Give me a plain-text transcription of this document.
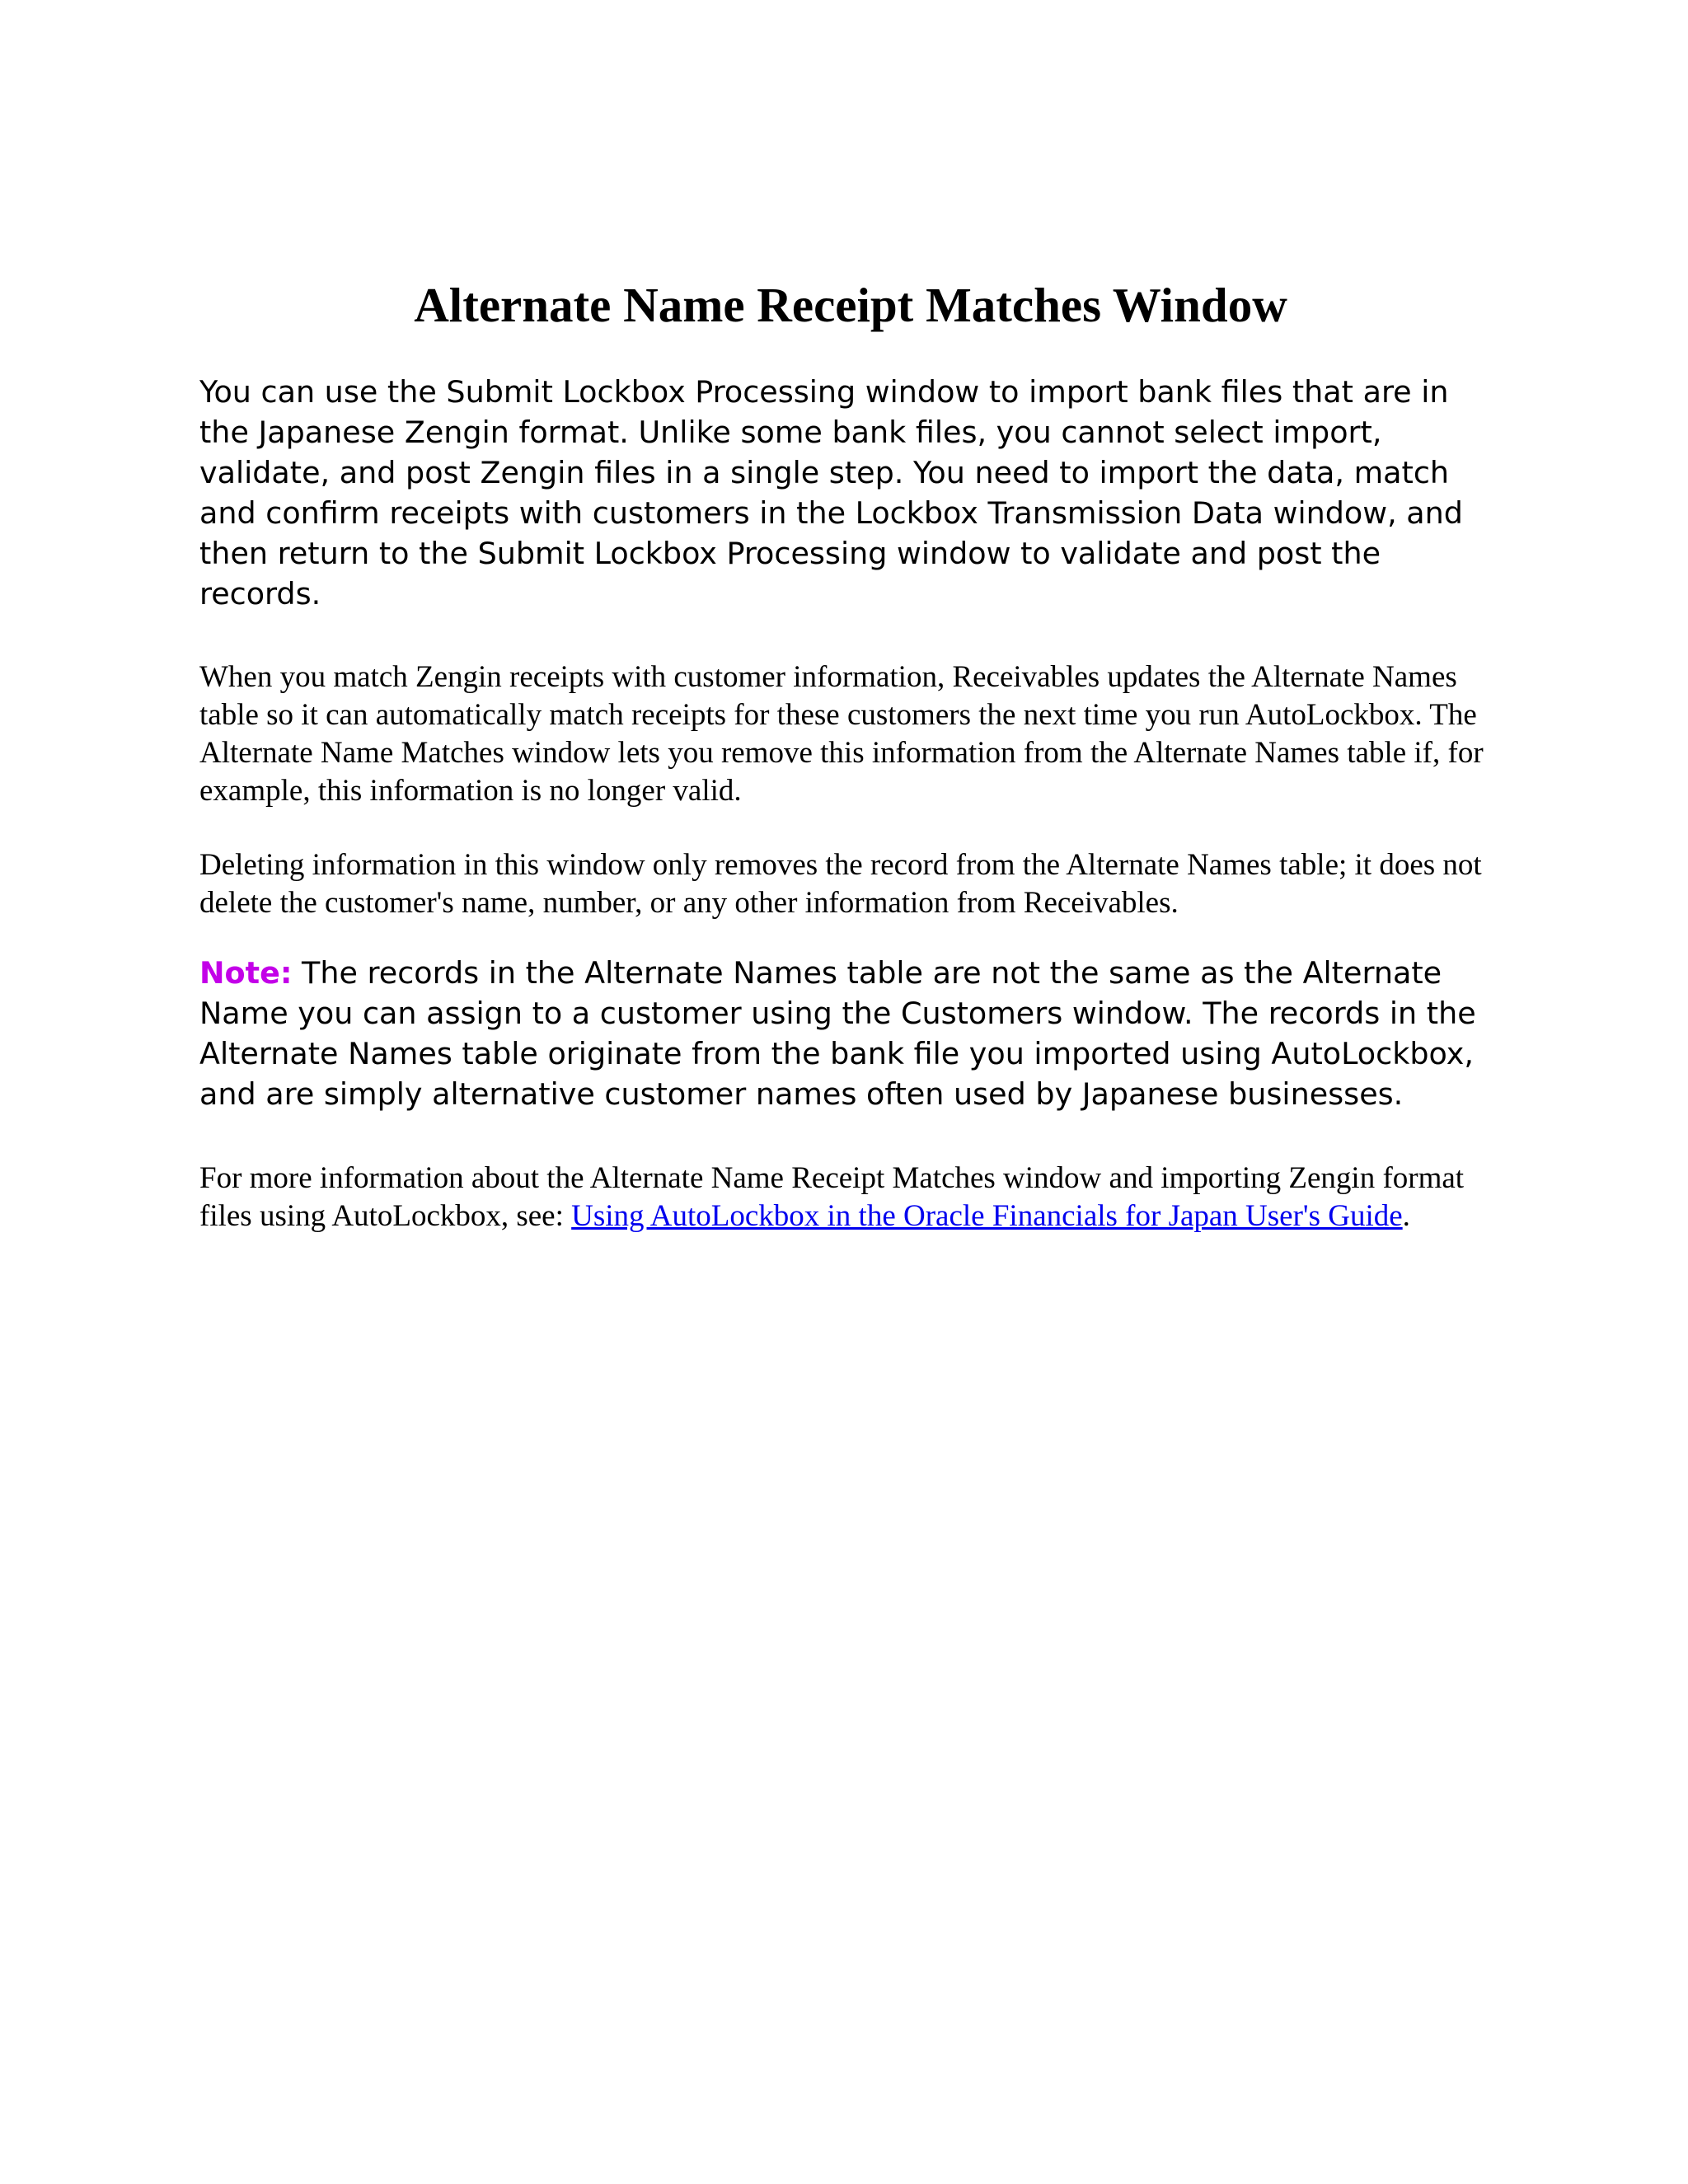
Alternate Name Receipt Matches Window

You can use the Submit Lockbox Processing window to import bank files that are in the Japanese Zengin format. Unlike some bank files, you cannot select import, validate, and post Zengin files in a single step. You need to import the data, match and confirm receipts with customers in the Lockbox Transmission Data window, and then return to the Submit Lockbox Processing window to validate and post the records.

When you match Zengin receipts with customer information, Receivables updates the Alternate Names table so it can automatically match receipts for these customers the next time you run AutoLockbox. The Alternate Name Matches window lets you remove this information from the Alternate Names table if, for example, this information is no longer valid.

Deleting information in this window only removes the record from the Alternate Names table; it does not delete the customer's name, number, or any other information from Receivables.

Note: The records in the Alternate Names table are not the same as the Alternate Name you can assign to a customer using the Customers window. The records in the Alternate Names table originate from the bank file you imported using AutoLockbox, and are simply alternative customer names often used by Japanese businesses.

For more information about the Alternate Name Receipt Matches window and importing Zengin format files using AutoLockbox, see: Using AutoLockbox in the Oracle Financials for Japan User's Guide.
